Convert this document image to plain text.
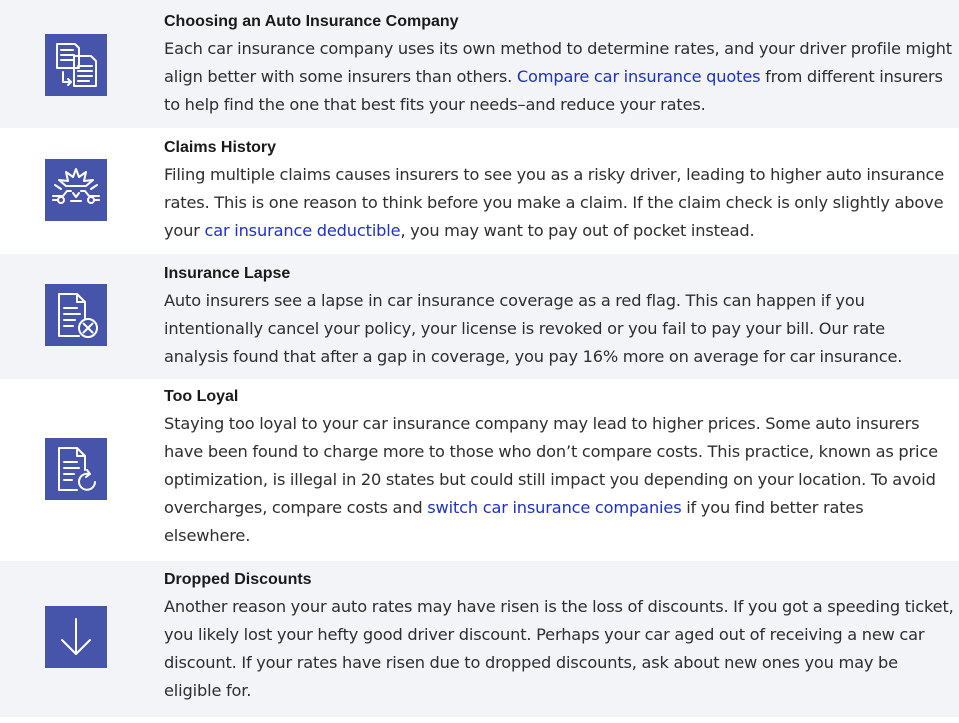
Choosing an Auto Insurance Company

Each car insurance company uses its own method to determine rates, and your driver profile might align better with some insurers than others. Compare car insurance quotes from different insurers to help find the one that best fits your needs–and reduce your rates.

Claims History

Filing multiple claims causes insurers to see you as a risky driver, leading to higher auto insurance rates. This is one reason to think before you make a claim. If the claim check is only slightly above your car insurance deductible, you may want to pay out of pocket instead.

Insurance Lapse

Auto insurers see a lapse in car insurance coverage as a red flag. This can happen if you intentionally cancel your policy, your license is revoked or you fail to pay your bill. Our rate analysis found that after a gap in coverage, you pay 16% more on average for car insurance.

Too Loyal

Staying too loyal to your car insurance company may lead to higher prices. Some auto insurers have been found to charge more to those who don’t compare costs. This practice, known as price optimization, is illegal in 20 states but could still impact you depending on your location. To avoid overcharges, compare costs and switch car insurance companies if you find better rates elsewhere.

Dropped Discounts

Another reason your auto rates may have risen is the loss of discounts. If you got a speeding ticket, you likely lost your hefty good driver discount. Perhaps your car aged out of receiving a new car discount. If your rates have risen due to dropped discounts, ask about new ones you may be eligible for.
